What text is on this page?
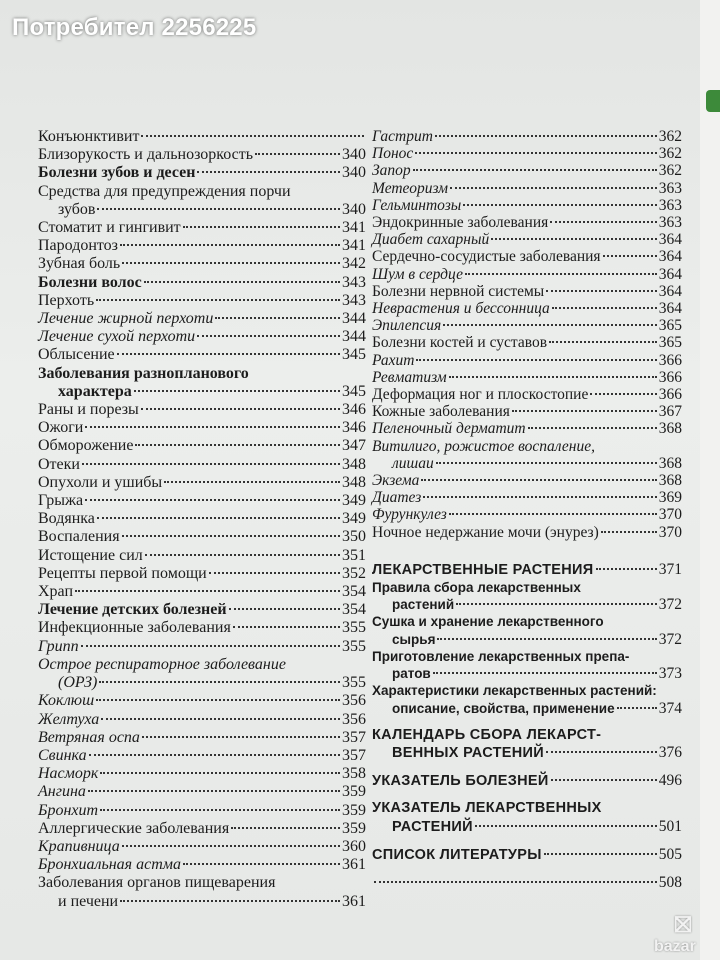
Потребител 2256225
Конъюнктивит
Близорукость и дальнозоркость	340
Болезни зубов и десен	340
Средства для предупреждения порчи
зубов	340
Стоматит и гингивит	341
Пародонтоз	341
Зубная боль	342
Болезни волос	343
Перхоть	343
Лечение жирной перхоти	344
Лечение сухой перхоти	344
Облысение	345
Заболевания разнопланового
характера	345
Раны и порезы	346
Ожоги	346
Обморожение	347
Отеки	348
Опухоли и ушибы	348
Грыжа	349
Водянка	349
Воспаления	350
Истощение сил	351
Рецепты первой помощи	352
Храп	354
Лечение детских болезней	354
Инфекционные заболевания	355
Грипп	355
Острое респираторное заболевание
(ОРЗ)	355
Коклюш	356
Желтуха	356
Ветряная оспа	357
Свинка	357
Насморк	358
Ангина	359
Бронхит	359
Аллергические заболевания	359
Крапивница	360
Бронхиальная астма	361
Заболевания органов пищеварения
и печени	361
Гастрит	362
Понос	362
Запор	362
Метеоризм	363
Гельминтозы	363
Эндокринные заболевания	363
Диабет сахарный	364
Сердечно-сосудистые заболевания	364
Шум в сердце	364
Болезни нервной системы	364
Неврастения и бессонница	364
Эпилепсия	365
Болезни костей и суставов	365
Рахит	366
Ревматизм	366
Деформация ног и плоскостопие	366
Кожные заболевания	367
Пеленочный дерматит	368
Витилиго, рожистое воспаление,
лишаи	368
Экзема	368
Диатез	369
Фурункулез	370
Ночное недержание мочи (энурез)	370
ЛЕКАРСТВЕННЫЕ РАСТЕНИЯ	371
Правила сбора лекарственных
растений	372
Сушка и хранение лекарственного
сырья	372
Приготовление лекарственных препа-
ратов	373
Характеристики лекарственных растений:
описание, свойства, применение	374
КАЛЕНДАРЬ СБОРА ЛЕКАРСТ-
ВЕННЫХ РАСТЕНИЙ	376
УКАЗАТЕЛЬ БОЛЕЗНЕЙ	496
УКАЗАТЕЛЬ ЛЕКАРСТВЕННЫХ
РАСТЕНИЙ	501
СПИСОК ЛИТЕРАТУРЫ	505
508
⛝
bazar
